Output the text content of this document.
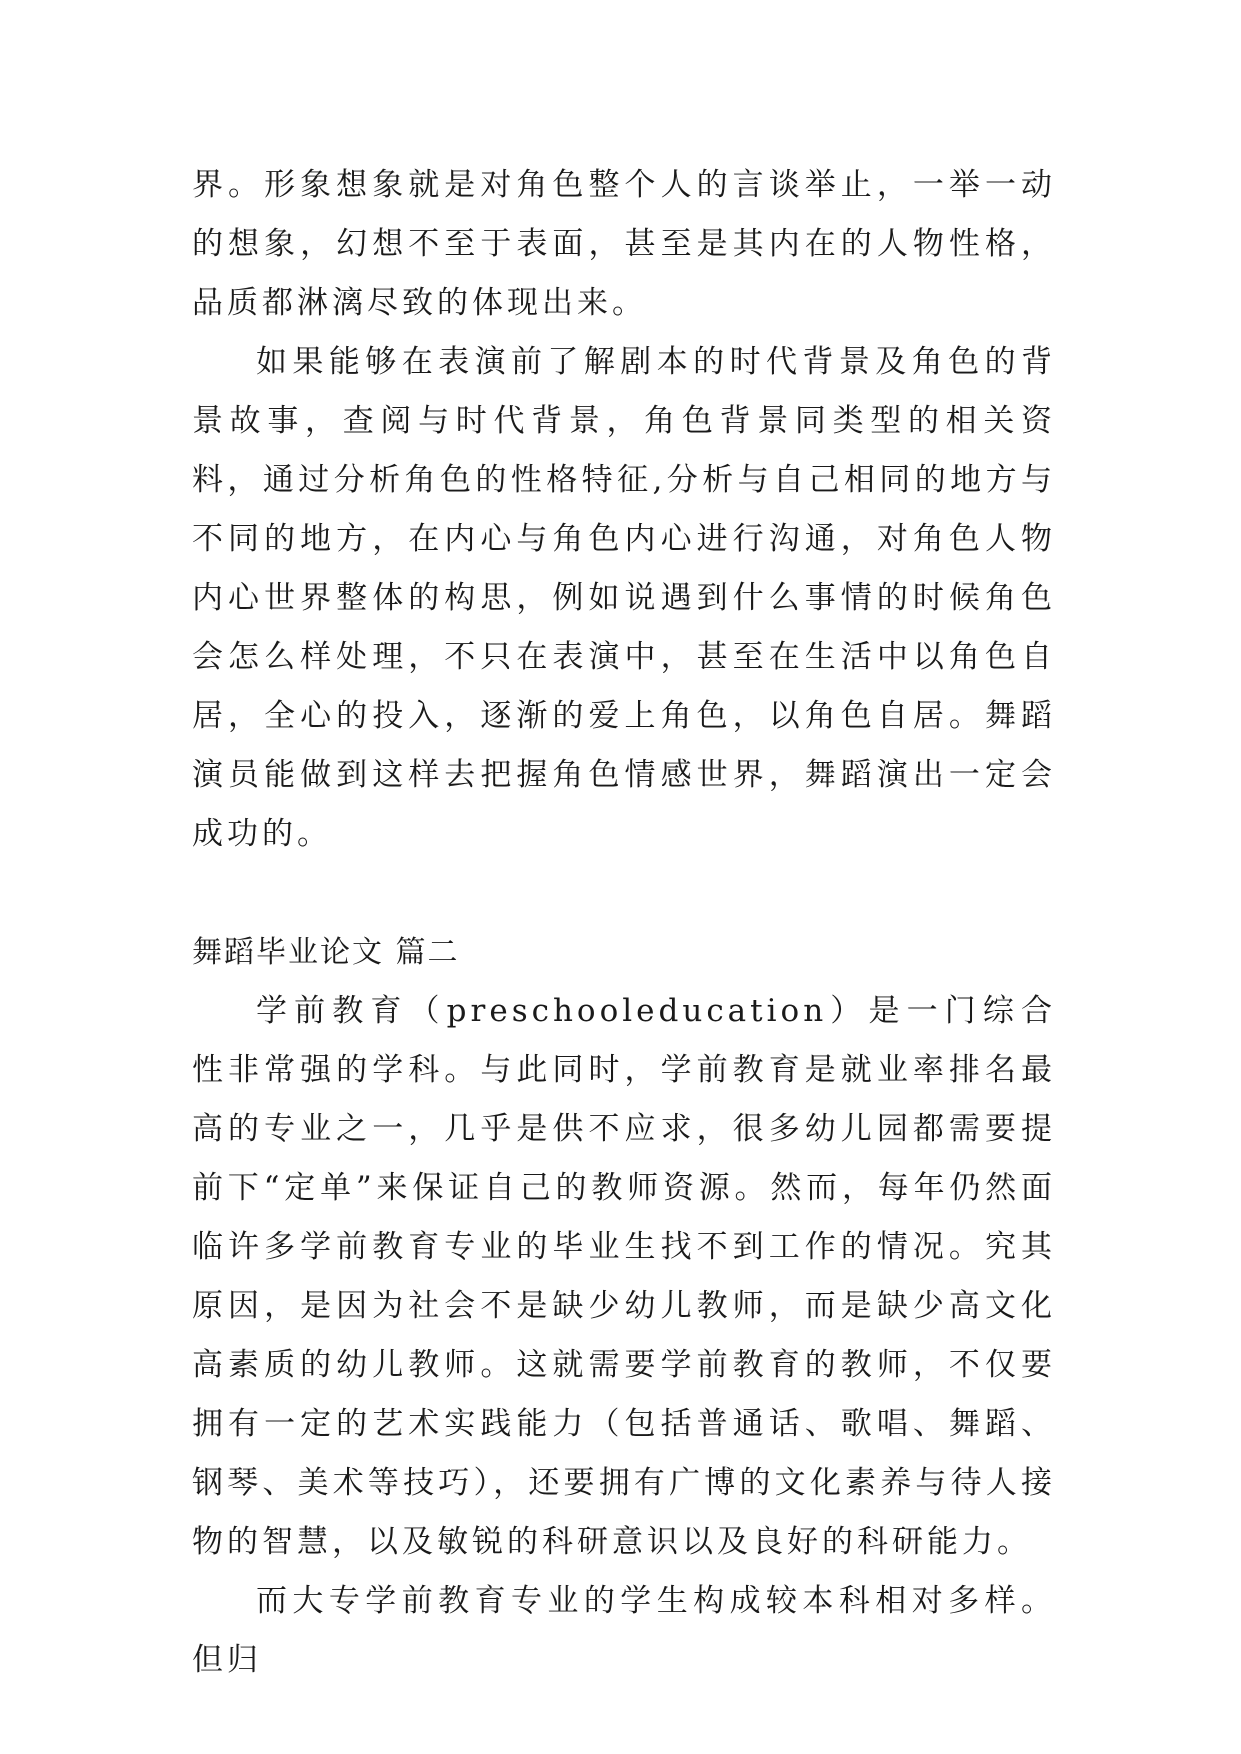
界。形象想象就是对角色整个人的言谈举止，一举一动的想象，幻想不至于表面，甚至是其内在的人物性格，品质都淋漓尽致的体现出来。

如果能够在表演前了解剧本的时代背景及角色的背景故事，查阅与时代背景，角色背景同类型的相关资料，通过分析角色的性格特征,分析与自己相同的地方与不同的地方，在内心与角色内心进行沟通，对角色人物内心世界整体的构思，例如说遇到什么事情的时候角色会怎么样处理，不只在表演中，甚至在生活中以角色自居，全心的投入，逐渐的爱上角色，以角色自居。舞蹈演员能做到这样去把握角色情感世界，舞蹈演出一定会成功的。

舞蹈毕业论文 篇二

学前教育（preschooleducation）是一门综合性非常强的学科。与此同时，学前教育是就业率排名最高的专业之一，几乎是供不应求，很多幼儿园都需要提前下“定单”来保证自己的教师资源。然而，每年仍然面临许多学前教育专业的毕业生找不到工作的情况。究其原因，是因为社会不是缺少幼儿教师，而是缺少高文化高素质的幼儿教师。这就需要学前教育的教师，不仅要拥有一定的艺术实践能力（包括普通话、歌唱、舞蹈、钢琴、美术等技巧），还要拥有广博的文化素养与待人接物的智慧，以及敏锐的科研意识以及良好的科研能力。

而大专学前教育专业的学生构成较本科相对多样。但归
